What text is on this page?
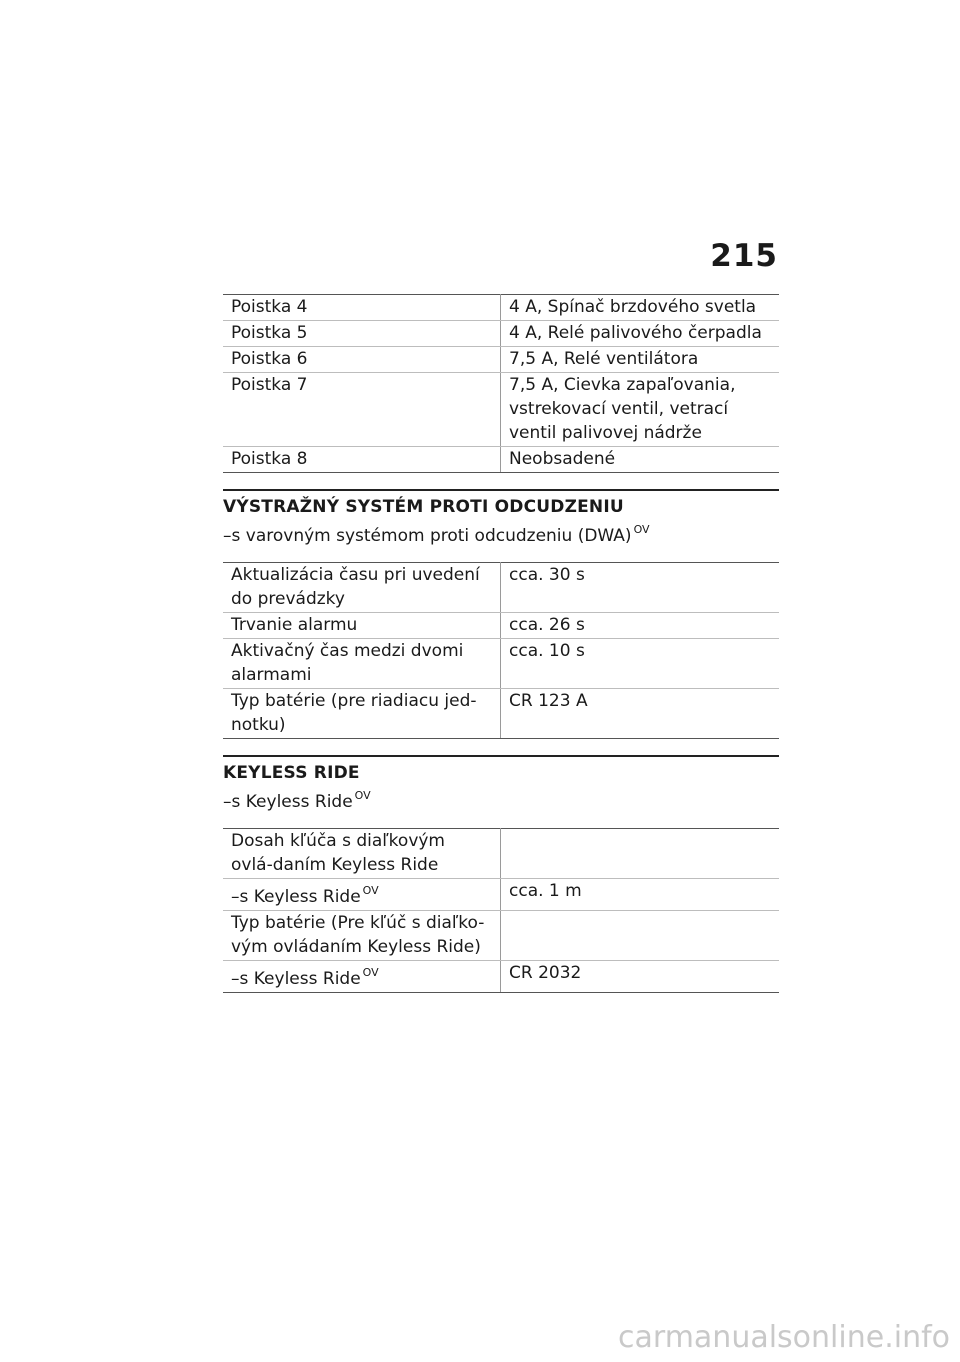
215
Poistka 4	4 A, Spínač brzdového svetla
Poistka 5	4 A, Relé palivového čerpadla
Poistka 6	7,5 A, Relé ventilátora
Poistka 7	7,5 A, Cievka zapaľovania, vstrekovací ventil, vetrací ventil palivovej nádrže
Poistka 8	Neobsadené
VÝSTRAŽNÝ SYSTÉM PROTI ODCUDZENIU
–s varovným systémom proti odcudzeniu (DWA) $^{OV}$
Aktualizácia času pri uvedení do prevádzky	cca. 30 s
Trvanie alarmu	cca. 26 s
Aktivačný čas medzi dvomi alarmami	cca. 10 s
Typ batérie (pre riadiacu jed-notku)	CR 123 A
KEYLESS RIDE
–s Keyless Ride $^{OV}$
Dosah kľúča s diaľkovým ovlá-daním Keyless Ride	
–s Keyless Ride $^{OV}$	cca. 1 m
Typ batérie (Pre kľúč s diaľko-vým ovládaním Keyless Ride)	
–s Keyless Ride $^{OV}$	CR 2032
carmanualsonline.info
